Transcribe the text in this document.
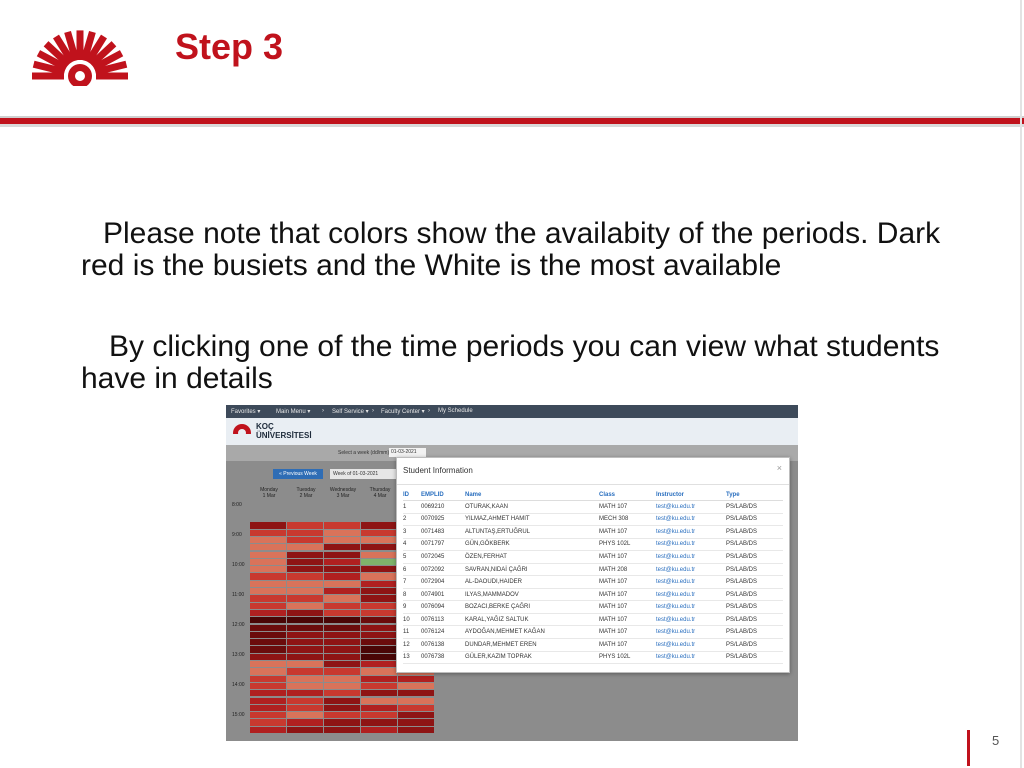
Step 3
Please note that colors show the availabity of the periods. Dark red is the busiets and the White is the most available
By clicking one of the time periods you can view what students have in details
Favorites ▾	Main Menu ▾ › Self Service ▾ › Faculty Center ▾ › My Schedule
KOÇ
ÜNİVERSİTESİ
Select a week (dd/mm) 01-03-2021
« Previous Week	Week of 01-03-2021
Monday
1 Mar
Tuesday
2 Mar
Wednesday
3 Mar
Thursday
4 Mar
8:00
9:00
10:00
11:00
12:00
13:00
14:00
15:00
Student Information	×
ID	EMPLID	Name	Class	Instructor	Type
1	0069210	OTURAK,KAAN	MATH 107	test@ku.edu.tr	PS/LAB/DS
2	0070925	YILMAZ,AHMET HAMIT	MECH 308	test@ku.edu.tr	PS/LAB/DS
3	0071483	ALTUNTAŞ,ERTUĞRUL	MATH 107	test@ku.edu.tr	PS/LAB/DS
4	0071797	GÜN,GÖKBERK	PHYS 102L	test@ku.edu.tr	PS/LAB/DS
5	0072045	ÖZEN,FERHAT	MATH 107	test@ku.edu.tr	PS/LAB/DS
6	0072092	SAVRAN,NIDAİ ÇAĞRI	MATH 208	test@ku.edu.tr	PS/LAB/DS
7	0072904	AL-DAOUDI,HAIDER	MATH 107	test@ku.edu.tr	PS/LAB/DS
8	0074901	ILYAS,MAMMADOV	MATH 107	test@ku.edu.tr	PS/LAB/DS
9	0076094	BOZACI,BERKE ÇAĞRI	MATH 107	test@ku.edu.tr	PS/LAB/DS
10	0076113	KARAL,YAĞIZ SALTUK	MATH 107	test@ku.edu.tr	PS/LAB/DS
11	0076124	AYDOĞAN,MEHMET KAĞAN	MATH 107	test@ku.edu.tr	PS/LAB/DS
12	0076138	DUNDAR,MEHMET EREN	MATH 107	test@ku.edu.tr	PS/LAB/DS
13	0076738	GÜLER,KAZIM TOPRAK	PHYS 102L	test@ku.edu.tr	PS/LAB/DS
5
